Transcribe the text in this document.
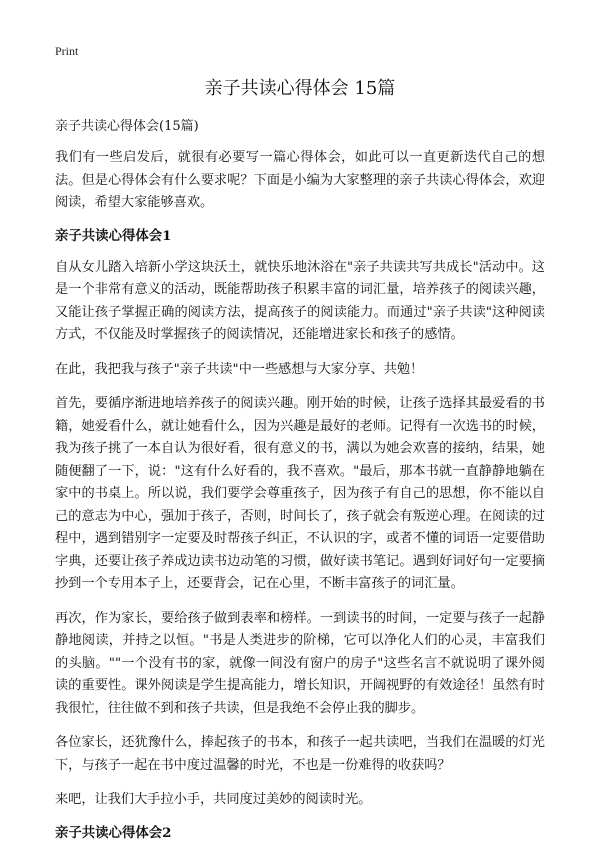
Print
亲子共读心得体会 15篇
亲子共读心得体会(15篇)

我们有一些启发后，就很有必要写一篇心得体会，如此可以一直更新迭代自己的想法。但是心得体会有什么要求呢？下面是小编为大家整理的亲子共读心得体会，欢迎阅读，希望大家能够喜欢。

亲子共读心得体会1

自从女儿踏入培新小学这块沃土，就快乐地沐浴在"亲子共读共写共成长"活动中。这是一个非常有意义的活动，既能帮助孩子积累丰富的词汇量，培养孩子的阅读兴趣，又能让孩子掌握正确的阅读方法，提高孩子的阅读能力。而通过"亲子共读"这种阅读方式，不仅能及时掌握孩子的阅读情况，还能增进家长和孩子的感情。

在此，我把我与孩子"亲子共读"中一些感想与大家分享、共勉！

首先，要循序渐进地培养孩子的阅读兴趣。刚开始的时候，让孩子选择其最爱看的书籍，她爱看什么，就让她看什么，因为兴趣是最好的老师。记得有一次选书的时候，我为孩子挑了一本自认为很好看，很有意义的书，满以为她会欢喜的接纳，结果，她随便翻了一下，说："这有什么好看的，我不喜欢。"最后，那本书就一直静静地躺在家中的书桌上。所以说，我们要学会尊重孩子，因为孩子有自己的思想，你不能以自己的意志为中心，强加于孩子，否则，时间长了，孩子就会有叛逆心理。在阅读的过程中，遇到错别字一定要及时帮孩子纠正，不认识的字，或者不懂的词语一定要借助字典，还要让孩子养成边读书边动笔的习惯，做好读书笔记。遇到好词好句一定要摘抄到一个专用本子上，还要背会，记在心里，不断丰富孩子的词汇量。

再次，作为家长，要给孩子做到表率和榜样。一到读书的时间，一定要与孩子一起静静地阅读，并持之以恒。"书是人类进步的阶梯，它可以净化人们的心灵，丰富我们的头脑。""一个没有书的家，就像一间没有窗户的房子"这些名言不就说明了课外阅读的重要性。课外阅读是学生提高能力，增长知识，开阔视野的有效途径！虽然有时我很忙，往往做不到和孩子共读，但是我绝不会停止我的脚步。

各位家长，还犹豫什么，捧起孩子的书本，和孩子一起共读吧，当我们在温暖的灯光下，与孩子一起在书中度过温馨的时光，不也是一份难得的收获吗？

来吧，让我们大手拉小手，共同度过美妙的阅读时光。

亲子共读心得体会2
